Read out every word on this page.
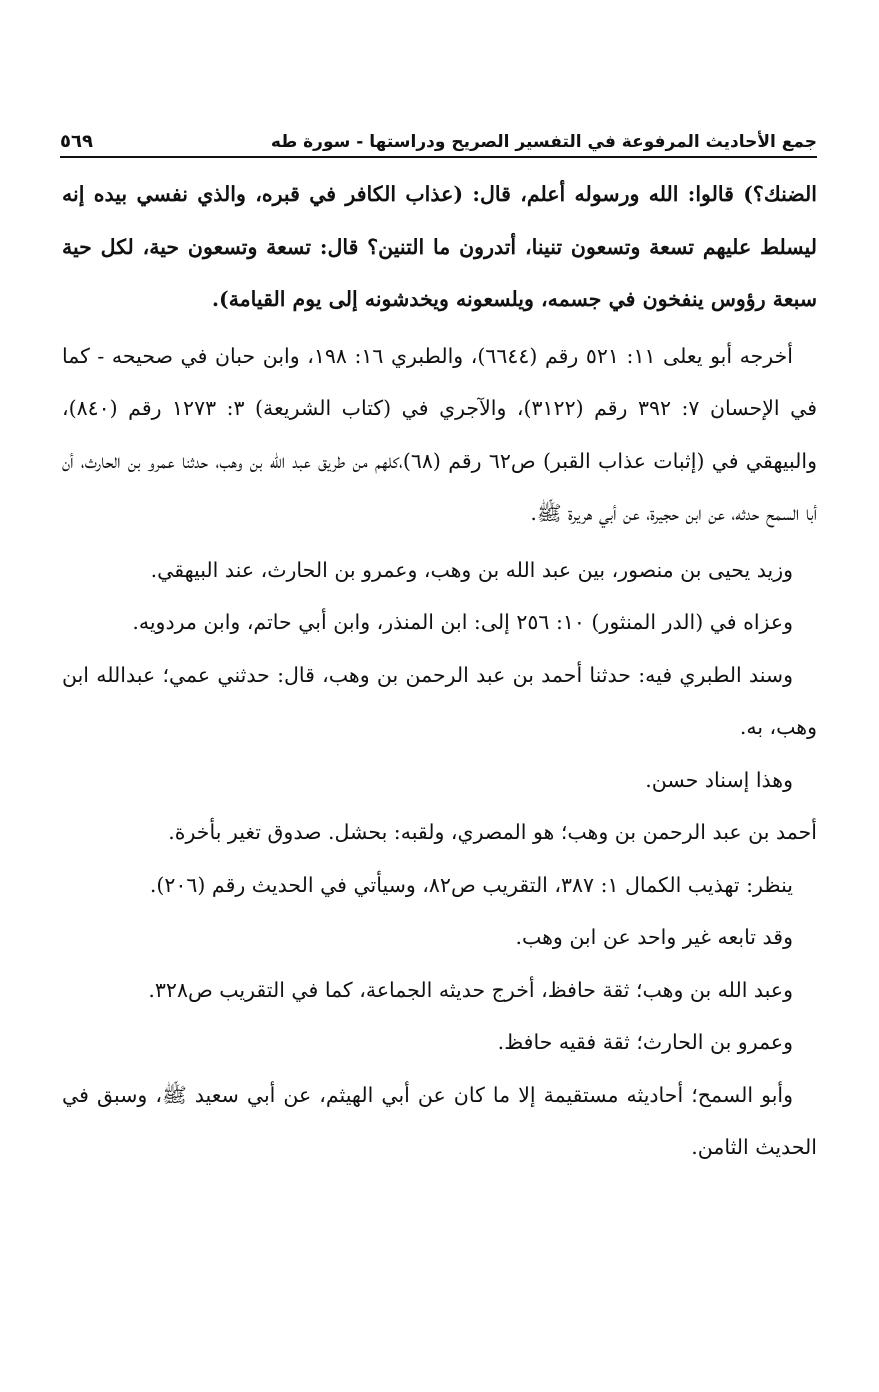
جمع الأحاديث المرفوعة في التفسير الصريح ودراستها - سورة طه
٥٦٩

الضنك؟) قالوا: الله ورسوله أعلم، قال: (عذاب الكافر في قبره، والذي نفسي بيده إنه ليسلط عليهم تسعة وتسعون تنينا، أتدرون ما التنين؟ قال: تسعة وتسعون حية، لكل حية سبعة رؤوس ينفخون في جسمه، ويلسعونه ويخدشونه إلى يوم القيامة).

أخرجه أبو يعلى ١١: ٥٢١ رقم (٦٦٤٤)، والطبري ١٦: ١٩٨، وابن حبان في صحيحه - كما في الإحسان ٧: ٣٩٢ رقم (٣١٢٢)، والآجري في (كتاب الشريعة) ٣: ١٢٧٣ رقم (٨٤٠)، والبيهقي في (إثبات عذاب القبر) ص٦٢ رقم (٦٨)،كلهم من طريق عبد الله بن وهب، حدثنا عمرو بن الحارث، أن أبا السمح حدثه، عن ابن حجيرة، عن أبي هريرة ﷺ.

وزيد يحيى بن منصور، بين عبد الله بن وهب، وعمرو بن الحارث، عند البيهقي.

وعزاه في (الدر المنثور) ١٠: ٢٥٦ إلى: ابن المنذر، وابن أبي حاتم، وابن مردويه.

وسند الطبري فيه: حدثنا أحمد بن عبد الرحمن بن وهب، قال: حدثني عمي؛ عبدالله ابن وهب، به.

وهذا إسناد حسن.

أحمد بن عبد الرحمن بن وهب؛ هو المصري، ولقبه: بحشل. صدوق تغير بأخرة.

ينظر: تهذيب الكمال ١: ٣٨٧، التقريب ص٨٢، وسيأتي في الحديث رقم (٢٠٦).

وقد تابعه غير واحد عن ابن وهب.

وعبد الله بن وهب؛ ثقة حافظ، أخرج حديثه الجماعة، كما في التقريب ص٣٢٨.

وعمرو بن الحارث؛ ثقة فقيه حافظ.

وأبو السمح؛ أحاديثه مستقيمة إلا ما كان عن أبي الهيثم، عن أبي سعيد ﷺ، وسبق في الحديث الثامن.
